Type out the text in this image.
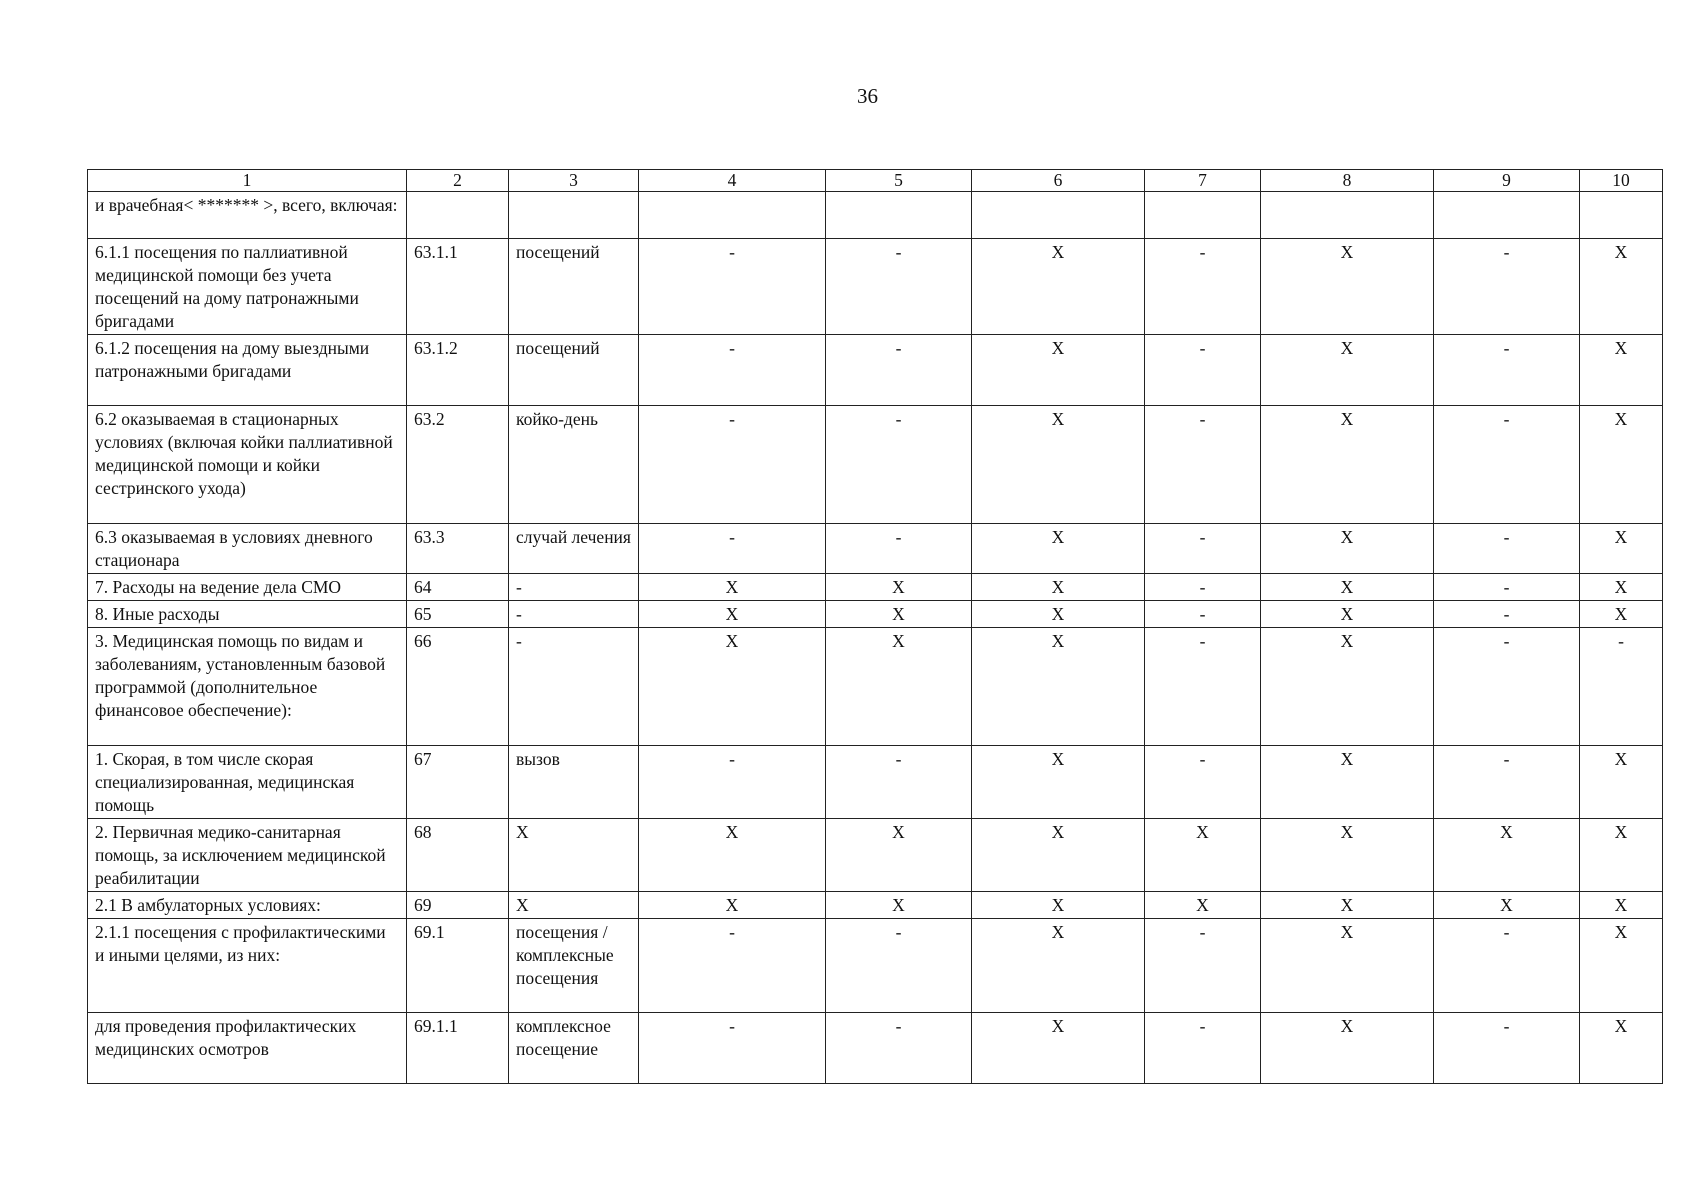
36
1	2	3	4	5	6	7	8	9	10
и врачебная< ******* >, всего, включая:									
6.1.1 посещения по паллиативной медицинской помощи без учета посещений на дому патронажными бригадами	63.1.1	посещений	-	-	X	-	X	-	X
6.1.2 посещения на дому выездными патронажными бригадами	63.1.2	посещений	-	-	X	-	X	-	X
6.2 оказываемая в стационарных условиях (включая койки паллиативной медицинской помощи и койки сестринского ухода)	63.2	койко-день	-	-	X	-	X	-	X
6.3 оказываемая в условиях дневного стационара	63.3	случай лечения	-	-	X	-	X	-	X
7. Расходы на ведение дела СМО	64	-	X	X	X	-	X	-	X
8. Иные расходы	65	-	X	X	X	-	X	-	X
3. Медицинская помощь по видам и заболеваниям, установленным базовой программой (дополнительное финансовое обеспечение):	66	-	X	X	X	-	X	-	-
1. Скорая, в том числе скорая специализированная, медицинская помощь	67	вызов	-	-	X	-	X	-	X
2. Первичная медико-санитарная помощь, за исключением медицинской реабилитации	68	X	X	X	X	X	X	X	X
2.1 В амбулаторных условиях:	69	X	X	X	X	X	X	X	X
2.1.1 посещения с профилактическими и иными целями, из них:	69.1	посещения / комплексные посещения	-	-	X	-	X	-	X
для проведения профилактических медицинских осмотров	69.1.1	комплексное посещение	-	-	X	-	X	-	X
